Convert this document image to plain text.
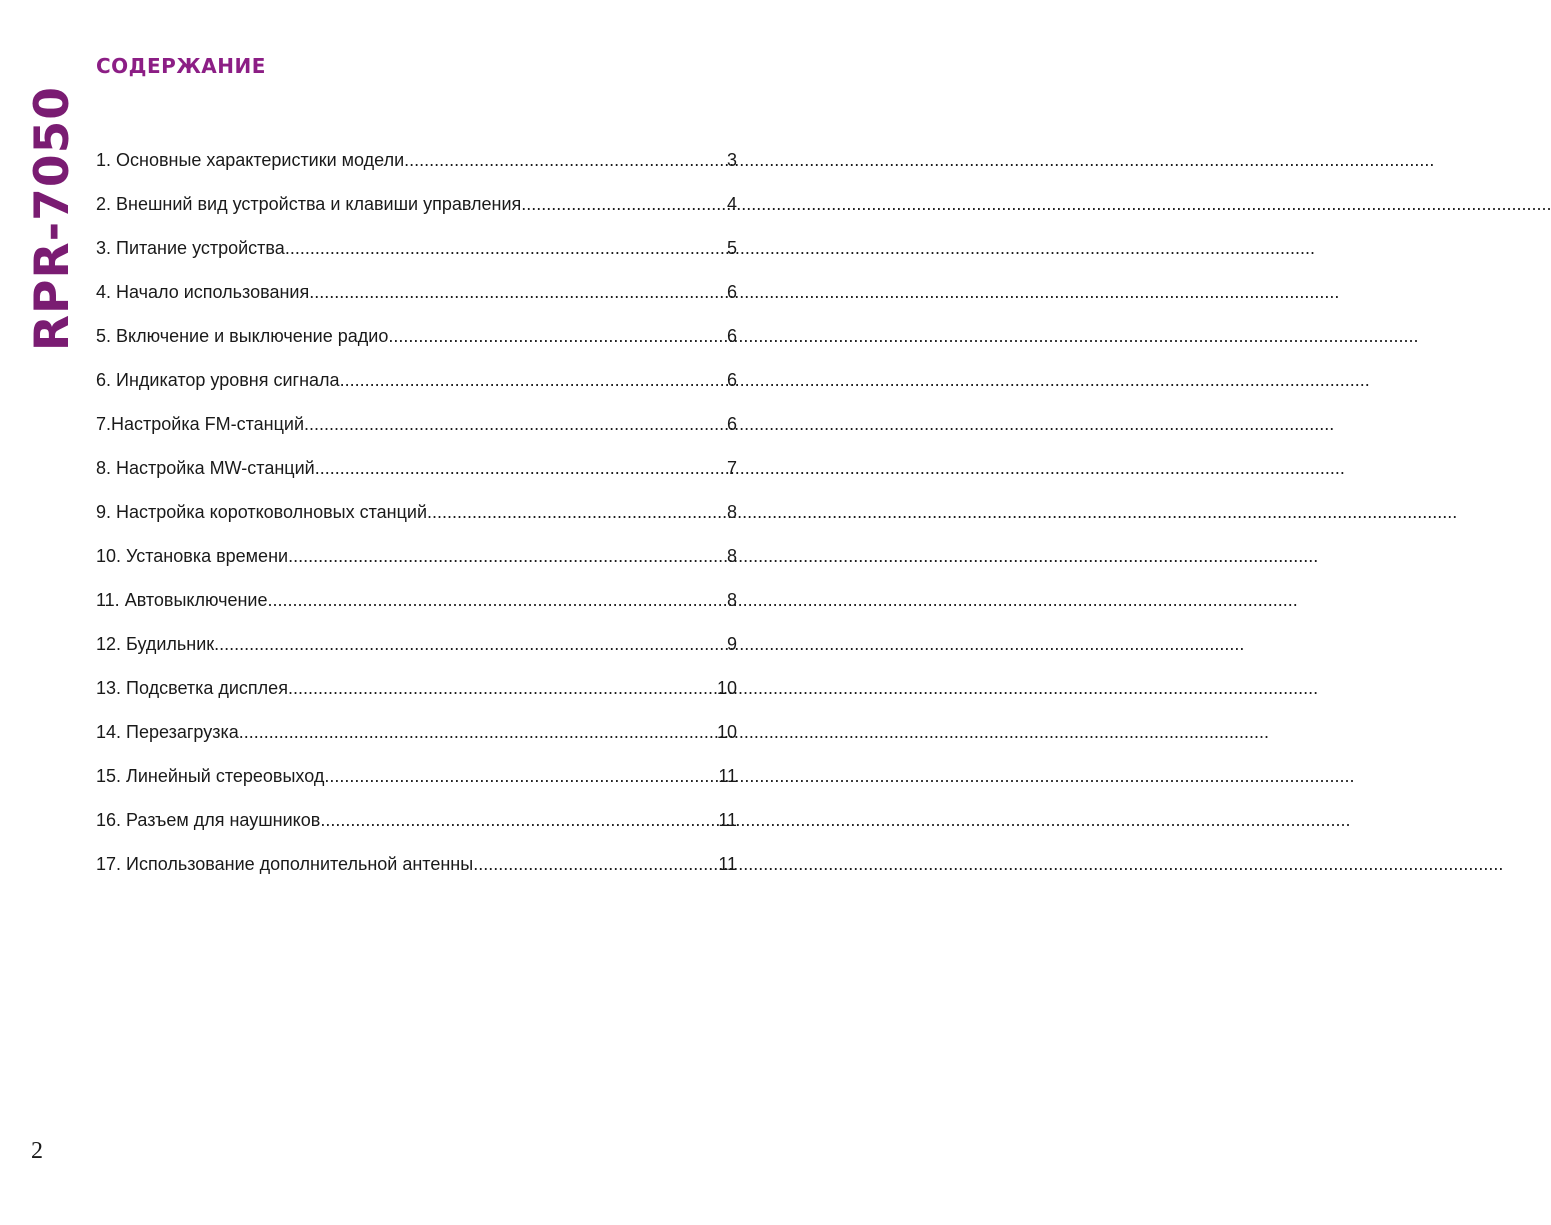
RPR-7050
СОДЕРЖАНИЕ
1. Основные характеристики модели .....	3
2. Внешний вид устройства и клавиши управления .....	4
3. Питание устройства .....	5
4. Начало использования .....	6
5. Включение и выключение радио .....	6
6. Индикатор уровня сигнала .....	6
7.Настройка FM-станций .....	6
8. Настройка MW-станций .....	7
9. Настройка коротковолновых станций .....	8
10. Установка времени .....	8
11. Автовыключение .....	8
12. Будильник .....	9
13. Подсветка дисплея .....	10
14. Перезагрузка .....	10
15. Линейный стереовыход .....	11
16. Разъем для наушников .....	11
17. Использование дополнительной антенны .....	11
2
